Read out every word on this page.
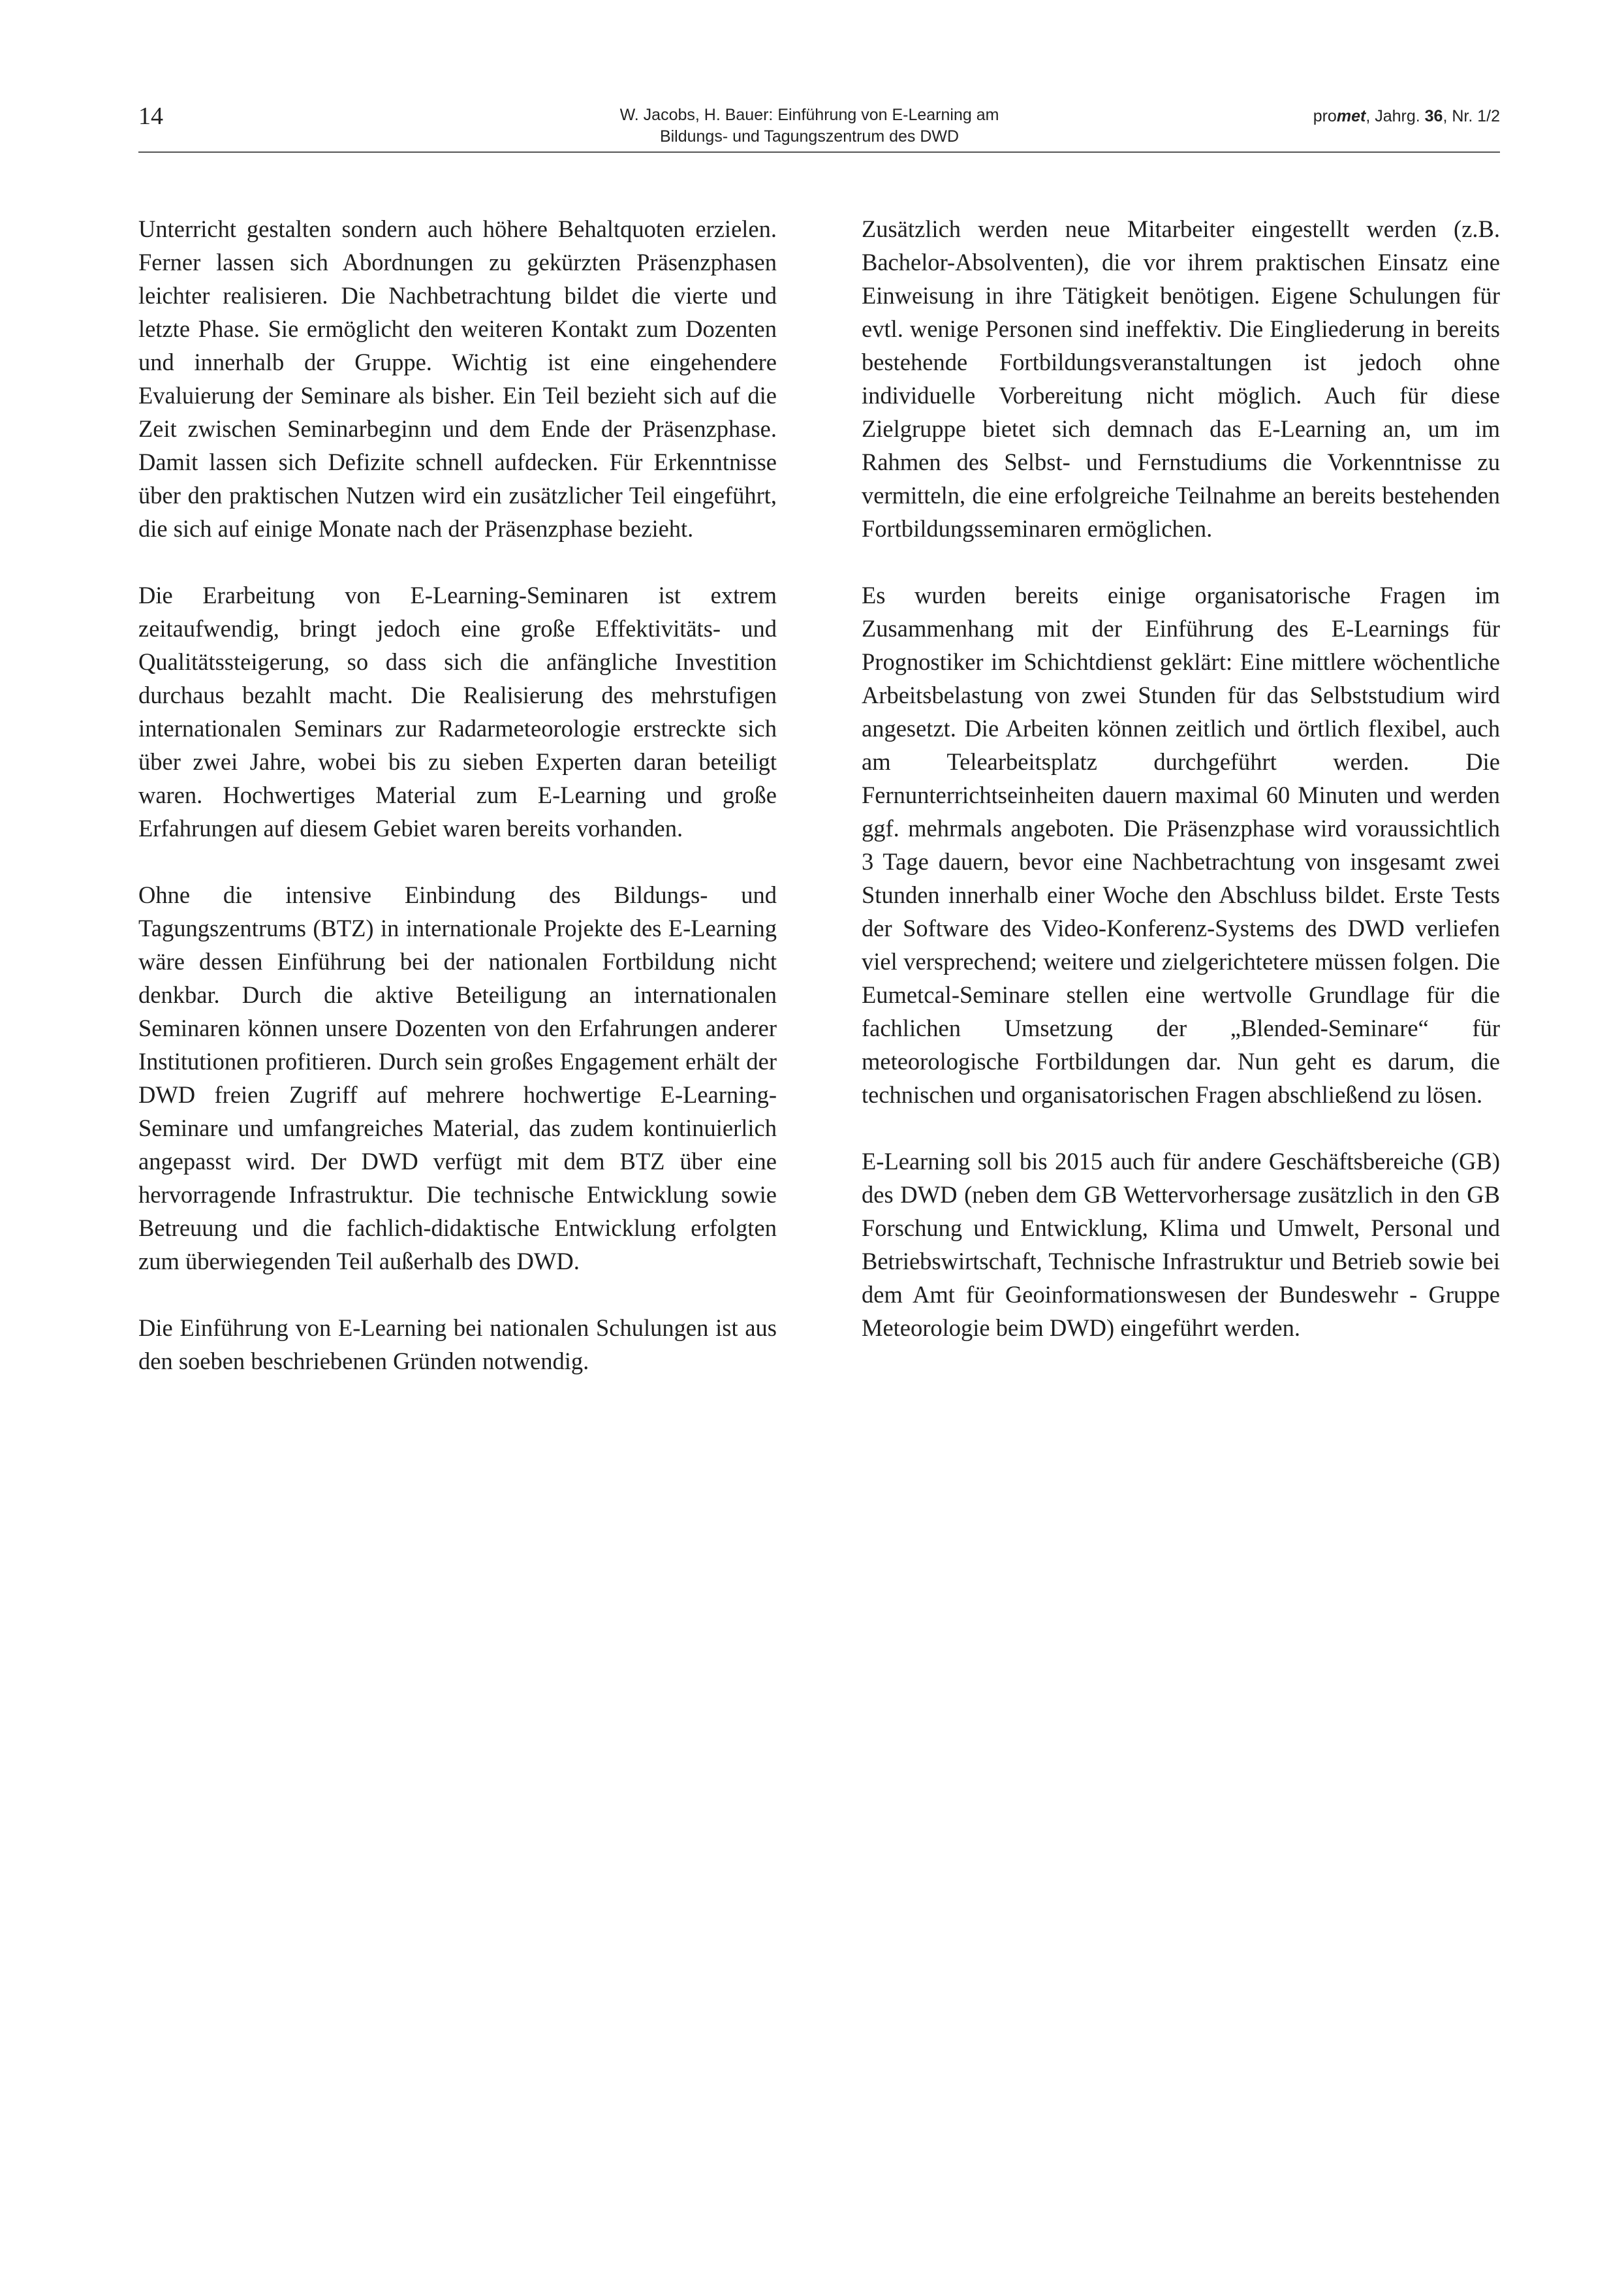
14	W. Jacobs, H. Bauer: Einführung von E-Learning am
Bildungs- und Tagungszentrum des DWD
promet, Jahrg. 36, Nr. 1/2

Unterricht gestalten sondern auch höhere Behaltquoten erzielen. Ferner lassen sich Abordnungen zu gekürzten Präsenzphasen leichter realisieren. Die Nachbetrachtung bildet die vierte und letzte Phase. Sie ermöglicht den weiteren Kontakt zum Dozenten und innerhalb der Gruppe. Wichtig ist eine eingehendere Evaluierung der Seminare als bisher. Ein Teil bezieht sich auf die Zeit zwischen Seminarbeginn und dem Ende der Präsenzphase. Damit lassen sich Defizite schnell aufdecken. Für Erkenntnisse über den praktischen Nutzen wird ein zusätzlicher Teil eingeführt, die sich auf einige Monate nach der Präsenzphase bezieht.

Die Erarbeitung von E-Learning-Seminaren ist extrem zeitaufwendig, bringt jedoch eine große Effektivitäts- und Qualitätssteigerung, so dass sich die anfängliche Investition durchaus bezahlt macht. Die Realisierung des mehrstufigen internationalen Seminars zur Radarmeteorologie erstreckte sich über zwei Jahre, wobei bis zu sieben Experten daran beteiligt waren. Hochwertiges Material zum E-Learning und große Erfahrungen auf diesem Gebiet waren bereits vorhanden.

Ohne die intensive Einbindung des Bildungs- und Tagungszentrums (BTZ) in internationale Projekte des E-Learning wäre dessen Einführung bei der nationalen Fortbildung nicht denkbar. Durch die aktive Beteiligung an internationalen Seminaren können unsere Dozenten von den Erfahrungen anderer Institutionen profitieren. Durch sein großes Engagement erhält der DWD freien Zugriff auf mehrere hochwertige E-Learning-Seminare und umfangreiches Material, das zudem kontinuierlich angepasst wird. Der DWD verfügt mit dem BTZ über eine hervorragende Infrastruktur. Die technische Entwicklung sowie Betreuung und die fachlich-didaktische Entwicklung erfolgten zum überwiegenden Teil außerhalb des DWD.

Die Einführung von E-Learning bei nationalen Schulungen ist aus den soeben beschriebenen Gründen notwendig.

Zusätzlich werden neue Mitarbeiter eingestellt werden (z.B. Bachelor-Absolventen), die vor ihrem praktischen Einsatz eine Einweisung in ihre Tätigkeit benötigen. Eigene Schulungen für evtl. wenige Personen sind ineffektiv. Die Eingliederung in bereits bestehende Fortbildungsveranstaltungen ist jedoch ohne individuelle Vorbereitung nicht möglich. Auch für diese Zielgruppe bietet sich demnach das E-Learning an, um im Rahmen des Selbst- und Fernstudiums die Vorkenntnisse zu vermitteln, die eine erfolgreiche Teilnahme an bereits bestehenden Fortbildungsseminaren ermöglichen.

Es wurden bereits einige organisatorische Fragen im Zusammenhang mit der Einführung des E-Learnings für Prognostiker im Schichtdienst geklärt: Eine mittlere wöchentliche Arbeitsbelastung von zwei Stunden für das Selbststudium wird angesetzt. Die Arbeiten können zeitlich und örtlich flexibel, auch am Telearbeitsplatz durchgeführt werden. Die Fernunterrichtseinheiten dauern maximal 60 Minuten und werden ggf. mehrmals angeboten. Die Präsenzphase wird voraussichtlich 3 Tage dauern, bevor eine Nachbetrachtung von insgesamt zwei Stunden innerhalb einer Woche den Abschluss bildet. Erste Tests der Software des Video-Konferenz-Systems des DWD verliefen viel versprechend; weitere und zielgerichtetere müssen folgen. Die Eumetcal-Seminare stellen eine wertvolle Grundlage für die fachlichen Umsetzung der „Blended-Seminare“ für meteorologische Fortbildungen dar. Nun geht es darum, die technischen und organisatorischen Fragen abschließend zu lösen.

E-Learning soll bis 2015 auch für andere Geschäftsbereiche (GB) des DWD (neben dem GB Wettervorhersage zusätzlich in den GB Forschung und Entwicklung, Klima und Umwelt, Personal und Betriebswirtschaft, Technische Infrastruktur und Betrieb sowie bei dem Amt für Geoinformationswesen der Bundeswehr - Gruppe Meteorologie beim DWD) eingeführt werden.
